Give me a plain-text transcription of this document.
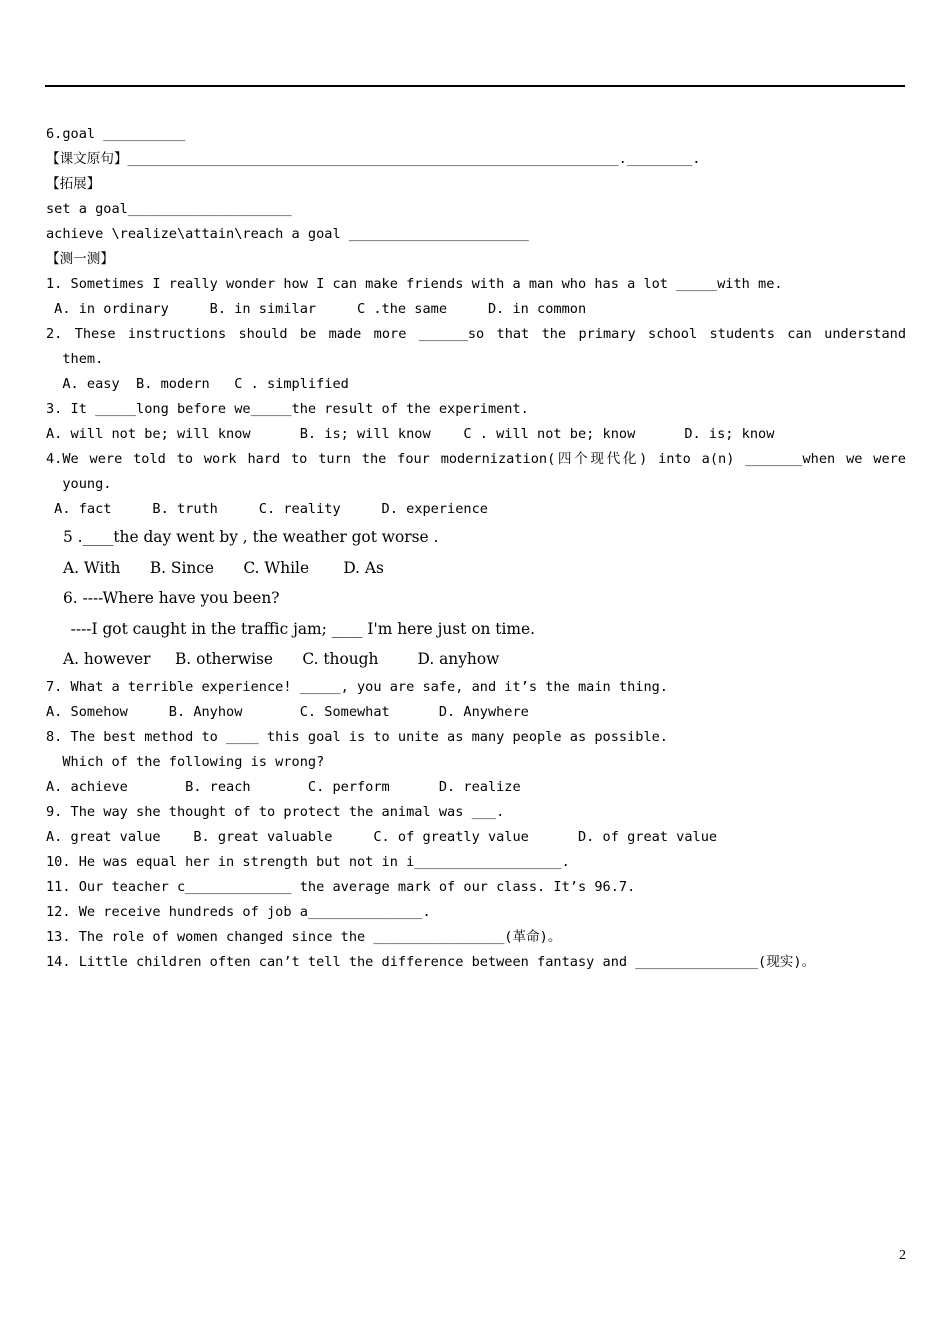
6.goal __________
【课文原句】____________________________________________________________.________.
【拓展】
set a goal____________________
achieve \realize\attain\reach a goal ______________________
【测一测】
1. Sometimes I really wonder how I can make friends with a man who has a lot _____with me.
A. in ordinary     B. in similar     C .the same     D. in common
2. These instructions should be made more ______so that the primary school students can understand
them.
A. easy  B. modern   C . simplified
3. It _____long before we_____the result of the experiment.
A. will not be; will know      B. is; will know    C . will not be; know      D. is; know
4.We were told to work hard to turn the four modernization(四个现代化) into a(n) _______when we were
young.
A. fact     B. truth     C. reality     D. experience
5 .____the day went by , the weather got worse .
A. With      B. Since      C. While       D. As
6. ----Where have you been?
----I got caught in the traffic jam; ____ I'm here just on time.
A. however     B. otherwise      C. though        D. anyhow
7. What a terrible experience! _____, you are safe, and it’s the main thing.
A. Somehow     B. Anyhow       C. Somewhat      D. Anywhere
8. The best method to ____ this goal is to unite as many people as possible.
Which of the following is wrong?
A. achieve       B. reach       C. perform      D. realize
9. The way she thought of to protect the animal was ___.
A. great value    B. great valuable     C. of greatly value      D. of great value
10. He was equal her in strength but not in i__________________.
11. Our teacher c_____________ the average mark of our class. It’s 96.7.
12. We receive hundreds of job a______________.
13. The role of women changed since the ________________(革命)。
14. Little children often can’t tell the difference between fantasy and _______________(现实)。
2
